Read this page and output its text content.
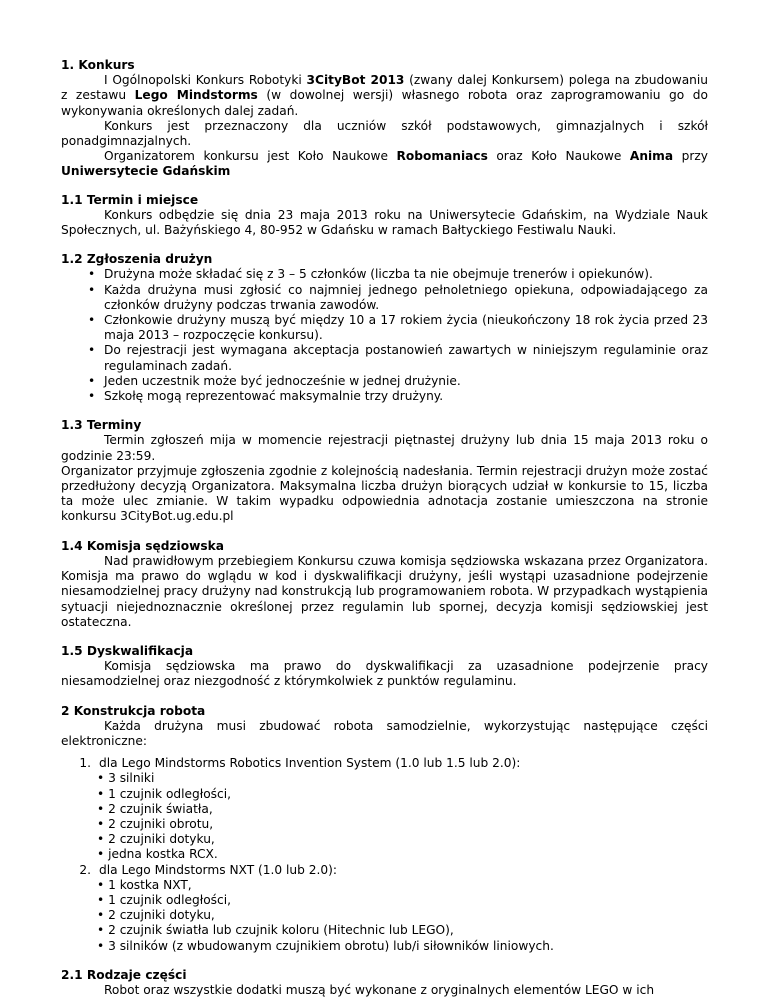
1. Konkurs

I Ogólnopolski Konkurs Robotyki 3CityBot 2013 (zwany dalej Konkursem) polega na zbudowaniu z zestawu Lego Mindstorms (w dowolnej wersji) własnego robota oraz zaprogramowaniu go do wykonywania określonych dalej zadań.

Konkurs jest przeznaczony dla uczniów szkół podstawowych, gimnazjalnych i szkół ponadgimnazjalnych.

Organizatorem konkursu jest Koło Naukowe Robomaniacs oraz Koło Naukowe Anima przy Uniwersytecie Gdańskim

1.1 Termin i miejsce

Konkurs odbędzie się dnia 23 maja 2013 roku na Uniwersytecie Gdańskim, na Wydziale Nauk Społecznych, ul. Bażyńskiego 4, 80-952 w Gdańsku w ramach Bałtyckiego Festiwalu Nauki.

1.2 Zgłoszenia drużyn
• Drużyna może składać się z 3 – 5 członków (liczba ta nie obejmuje trenerów i opiekunów).
• Każda drużyna musi zgłosić co najmniej jednego pełnoletniego opiekuna, odpowiadającego za członków drużyny podczas trwania zawodów.
• Członkowie drużyny muszą być między 10 a 17 rokiem życia (nieukończony 18 rok życia przed 23 maja 2013 – rozpoczęcie konkursu).
• Do rejestracji jest wymagana akceptacja postanowień zawartych w niniejszym regulaminie oraz regulaminach zadań.
• Jeden uczestnik może być jednocześnie w jednej drużynie.
• Szkołę mogą reprezentować maksymalnie trzy drużyny.
1.3 Terminy

Termin zgłoszeń mija w momencie rejestracji piętnastej drużyny lub dnia 15 maja 2013 roku o godzinie 23:59.

Organizator przyjmuje zgłoszenia zgodnie z kolejnością nadesłania. Termin rejestracji drużyn może zostać przedłużony decyzją Organizatora. Maksymalna liczba drużyn biorących udział w konkursie to 15, liczba ta może ulec zmianie. W takim wypadku odpowiednia adnotacja zostanie umieszczona na stronie konkursu 3CityBot.ug.edu.pl

1.4 Komisja sędziowska

Nad prawidłowym przebiegiem Konkursu czuwa komisja sędziowska wskazana przez Organizatora. Komisja ma prawo do wglądu w kod i dyskwalifikacji drużyny, jeśli wystąpi uzasadnione podejrzenie niesamodzielnej pracy drużyny nad konstrukcją lub programowaniem robota. W przypadkach wystąpienia sytuacji niejednoznacznie określonej przez regulamin lub spornej, decyzja komisji sędziowskiej jest ostateczna.

1.5 Dyskwalifikacja

Komisja sędziowska ma prawo do dyskwalifikacji za uzasadnione podejrzenie pracy niesamodzielnej oraz niezgodność z którymkolwiek z punktów regulaminu.

2 Konstrukcja robota

Każda drużyna musi zbudować robota samodzielnie, wykorzystując następujące części elektroniczne:

1. dla Lego Mindstorms Robotics Invention System (1.0 lub 1.5 lub 2.0):
• 3 silniki
• 1 czujnik odległości,
• 2 czujnik światła,
• 2 czujniki obrotu,
• 2 czujniki dotyku,
• jedna kostka RCX.
2. dla Lego Mindstorms NXT (1.0 lub 2.0):
• 1 kostka NXT,
• 1 czujnik odległości,
• 2 czujniki dotyku,
• 2 czujnik światła lub czujnik koloru (Hitechnic lub LEGO),
• 3 silników (z wbudowanym czujnikiem obrotu) lub/i siłowników liniowych.
2.1 Rodzaje części

Robot oraz wszystkie dodatki muszą być wykonane z oryginalnych elementów LEGO w ich
